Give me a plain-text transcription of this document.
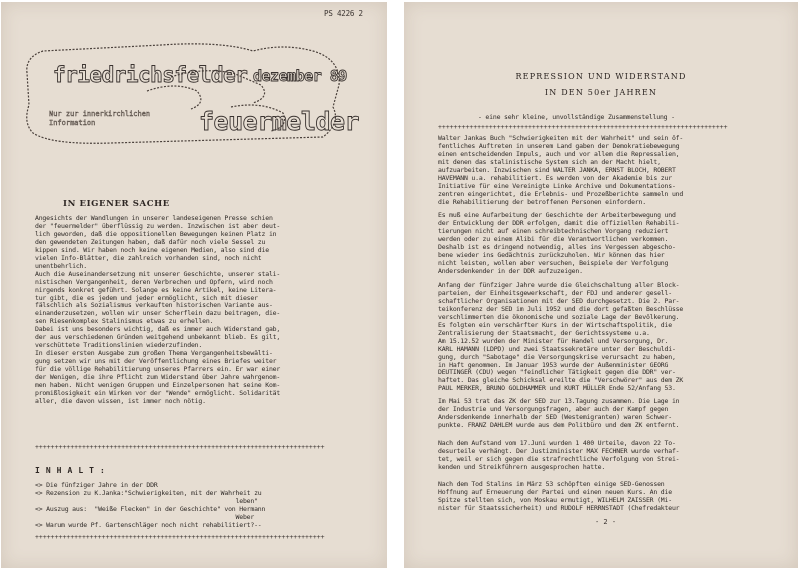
PS 4226 2
friedrichsfelder dezember 89
Nur zur innerkirchlichen
Information	feuermelder
IN EIGENER SACHE
Angesichts der Wandlungen in unserer landeseigenen Presse schien
der "feuermelder" überflüssig zu werden. Inzwischen ist aber deut-
lich geworden, daß die oppositionellen Bewegungen keinen Platz in
den gewendeten Zeitungen haben, daß dafür noch viele Sessel zu
kippen sind. Wir haben noch keine eigenen Medien, also sind die
vielen Info-Blätter, die zahlreich vorhanden sind, noch nicht
unentbehrlich.
Auch die Auseinandersetzung mit unserer Geschichte, unserer stali-
nistischen Vergangenheit, deren Verbrechen und Opfern, wird noch
nirgends konkret geführt. Solange es keine Artikel, keine Litera-
tur gibt, die es jedem und jeder ermöglicht, sich mit dieser
fälschlich als Sozialismus verkauften historischen Variante aus-
einanderzusetzen, wollen wir unser Scherflein dazu beitragen, die-
sen Riesenkomplex Stalinismus etwas zu erhellen.
Dabei ist uns besonders wichtig, daß es immer auch Widerstand gab,
der aus verschiedenen Gründen weitgehend unbekannt blieb. Es gilt,
verschüttete Traditionslinien wiederzufinden.
In dieser ersten Ausgabe zum großen Thema Vergangenheitsbewälti-
gung setzen wir uns mit der Veröffentlichung eines Briefes weiter
für die völlige Rehabilitierung unseres Pfarrers ein. Er war einer
der Wenigen, die ihre Pflicht zum Widerstand über Jahre wahrgenom-
men haben. Nicht wenigen Gruppen und Einzelpersonen hat seine Kom-
promißlosigkeit ein Wirken vor der "Wende" ermöglicht. Solidarität
aller, die davon wissen, ist immer noch nötig.
++++++++++++++++++++++++++++++++++++++++++++++++++++++++++++++++++++++++++
I N H A L T :
<> Die fünfziger Jahre in der DDR
<> Rezension zu K.Janka:"Schwierigkeiten, mit der Wahrheit zu
leben"
<> Auszug aus:  "Weiße Flecken" in der Geschichte" von Hermann
Weber
<> Warum wurde Pf. Gartenschläger noch nicht rehabilitiert?--
++++++++++++++++++++++++++++++++++++++++++++++++++++++++++++++++++++++++++
REPRESSION UND WIDERSTAND
IN DEN 50er JAHREN
- eine sehr kleine, unvollständige Zusammenstellung -
++++++++++++++++++++++++++++++++++++++++++++++++++++++++++++++++++++++++++
Walter Jankas Buch "Schwierigkeiten mit der Wahrheit" und sein öf-
fentliches Auftreten in unserem Land gaben der Demokratiebewegung
einen entscheidenden Impuls, auch und vor allem die Repressalien,
mit denen das stalinistische System sich an der Macht hielt,
aufzuarbeiten. Inzwischen sind WALTER JANKA, ERNST BLOCH, ROBERT
HAVEMANN u.a. rehabilitiert. Es werden von der Akademie bis zur
Initiative für eine Vereinigte Linke Archive und Dokumentations-
zentren eingerichtet, die Erlebnis- und Prozeßberichte sammeln und
die Rehabilitierung der betroffenen Personen einfordern.
Es muß eine Aufarbeitung der Geschichte der Arbeiterbewegung und
der Entwicklung der DDR erfolgen, damit die offiziellen Rehabili-
tierungen nicht auf einen schreibtechnischen Vorgang reduziert
werden oder zu einem Alibi für die Verantwortlichen verkommen.
Deshalb ist es dringend notwendig, alles ins Vergessen abgescho-
bene wieder ins Gedächtnis zurückzuholen. Wir können das hier
nicht leisten, wollen aber versuchen, Beispiele der Verfolgung
Andersdenkender in der DDR aufzuzeigen.
Anfang der fünfziger Jahre wurde die Gleichschaltung aller Block-
parteien, der Einheitsgewerkschaft, der FDJ und anderer gesell-
schaftlicher Organisationen mit der SED durchgesetzt. Die 2. Par-
teikonferenz der SED im Juli 1952 und die dort gefaßten Beschlüsse
verschlimmerten die ökonomische und soziale Lage der Bevölkerung.
Es folgten ein verschärfter Kurs in der Wirtschaftspolitik, die
Zentralisierung der Staatsmacht, der Gerichtssysteme u.a.
Am 15.12.52 wurden der Minister für Handel und Versorgung, Dr.
KARL HAMANN (LDPD) und zwei Staatssekretäre unter der Beschuldi-
gung, durch "Sabotage" die Versorgungskrise verursacht zu haben,
in Haft genommen. Im Januar 1953 wurde der Außenminister GEORG
DEUTINGER (CDU) wegen "feindlicher Tätigkeit gegen die DDR" ver-
haftet. Das gleiche Schicksal ereilte die "Verschwörer" aus dem ZK
PAUL MERKER, BRUNO GOLDHAMMER und KURT MÜLLER Ende 52/Anfang 53.
Im Mai 53 trat das ZK der SED zur 13.Tagung zusammen. Die Lage in
der Industrie und Versorgungsfragen, aber auch der Kampf gegen
Andersdenkende innerhalb der SED (Westemigranten) waren Schwer-
punkte. FRANZ DAHLEM wurde aus dem Politbüro und dem ZK entfernt.
Nach dem Aufstand vom 17.Juni wurden 1 400 Urteile, davon 22 To-
desurteile verhängt. Der Justizminister MAX FECHNER wurde verhaf-
tet, weil er sich gegen die strafrechtliche Verfolgung von Strei-
kenden und Streikführern ausgesprochen hatte.
Nach dem Tod Stalins im März 53 schöpften einige SED-Genossen
Hoffnung auf Erneuerung der Partei und einen neuen Kurs. An die
Spitze stellten sich, von Moskau ermutigt, WILHELM ZAISSER (Mi-
nister für Staatssicherheit) und RUDOLF HERRNSTADT (Chefredakteur
- 2 -
